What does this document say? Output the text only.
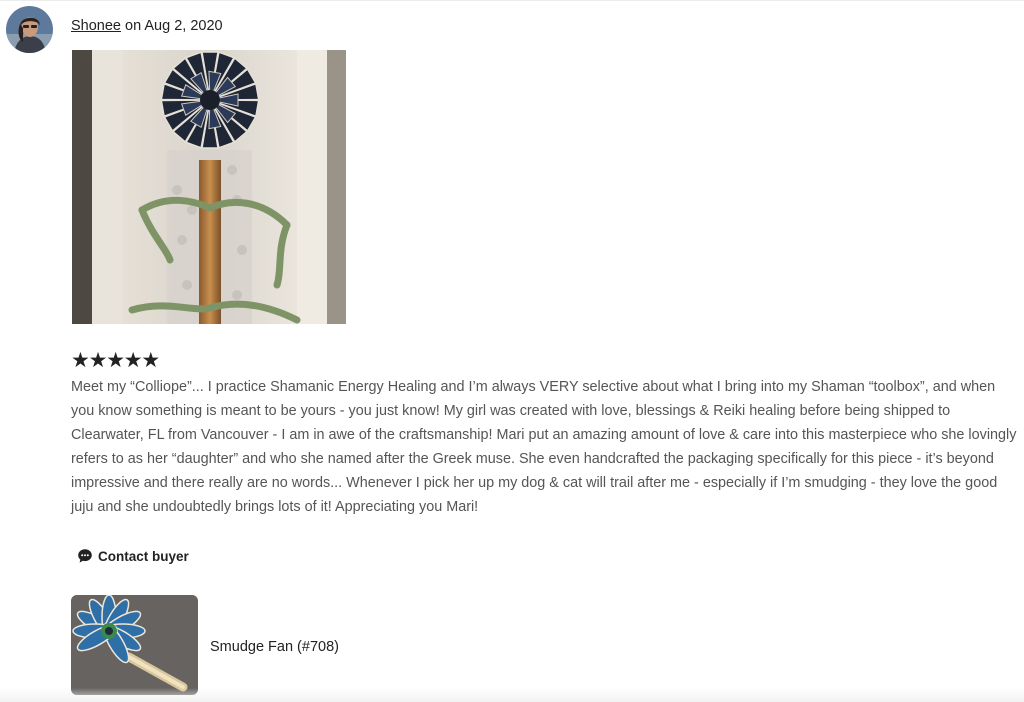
Shonee on Aug 2, 2020
★
★
★
★
★

Meet my “Colliope”... I practice Shamanic Energy Healing and I’m always VERY selective about what I bring into my Shaman “toolbox”, and when you know something is meant to be yours - you just know! My girl was created with love, blessings & Reiki healing before being shipped to Clearwater, FL from Vancouver - I am in awe of the craftsmanship! Mari put an amazing amount of love & care into this masterpiece who she lovingly refers to as her “daughter” and who she named after the Greek muse. She even handcrafted the packaging specifically for this piece - it’s beyond impressive and there really are no words... Whenever I pick her up my dog & cat will trail after me - especially if I’m smudging - they love the good juju and she undoubtedly brings lots of it! Appreciating you Mari!

Contact buyer
Smudge Fan (#708)
